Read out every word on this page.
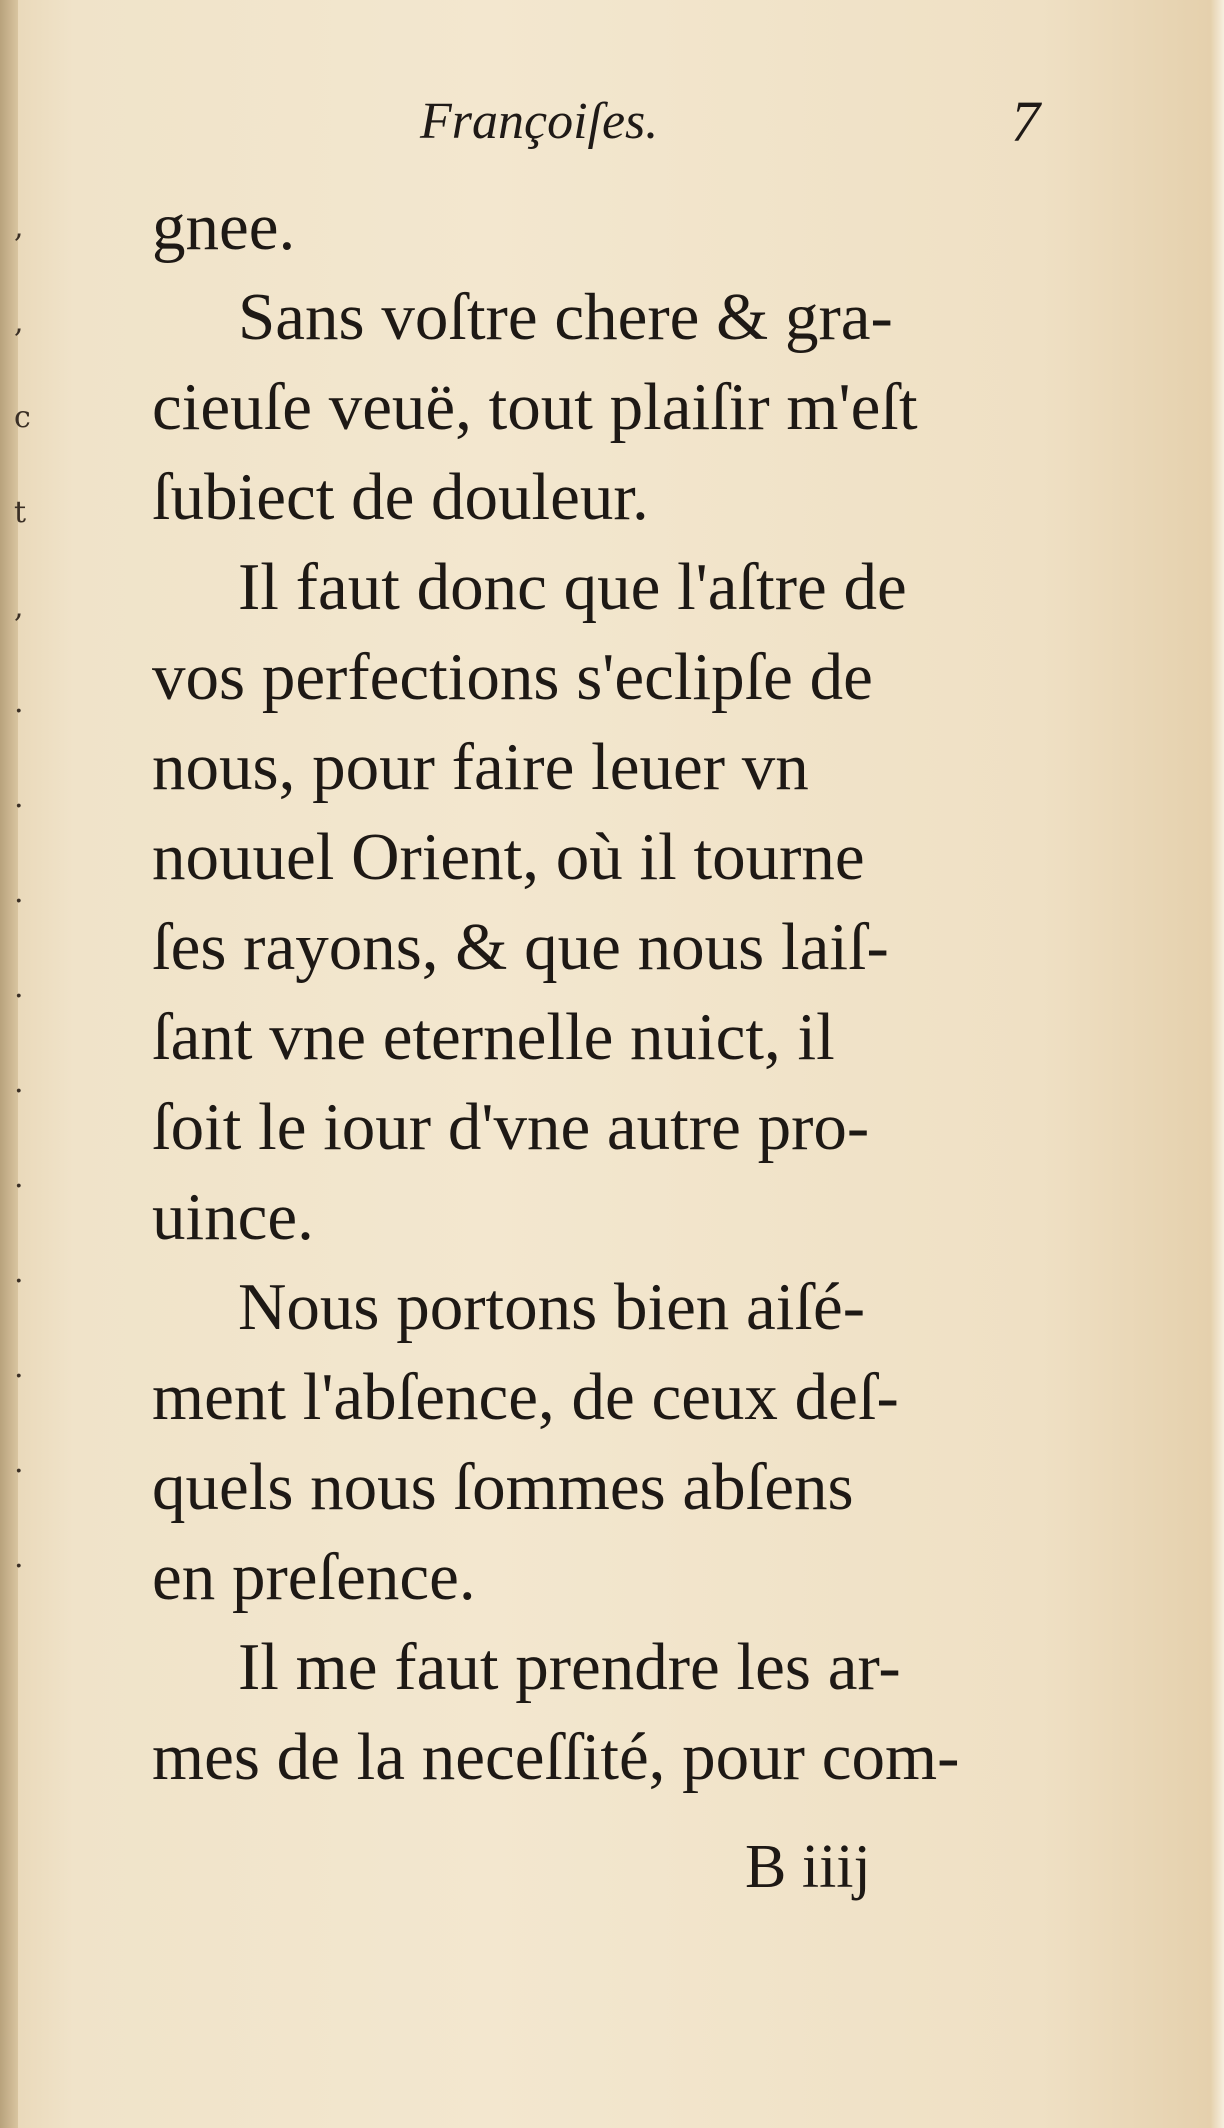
,
,
c
t
,
.
.
.
.
.
.
.
.
.
.
Françoiſes.	7
gnee.
Sans voſtre chere & gra-
cieuſe veuë, tout plaiſir m'eſt
ſubiect de douleur.
Il faut donc que l'aſtre de
vos perfections s'eclipſe de
nous, pour faire leuer vn
nouuel Orient, où il tourne
ſes rayons, & que nous laiſ-
ſant vne eternelle nuict, il
ſoit le iour d'vne autre pro-
uince.
Nous portons bien aiſé-
ment l'abſence, de ceux deſ-
quels nous ſommes abſens
en preſence.
Il me faut prendre les ar-
mes de la neceſſité, pour com-
B iiij
